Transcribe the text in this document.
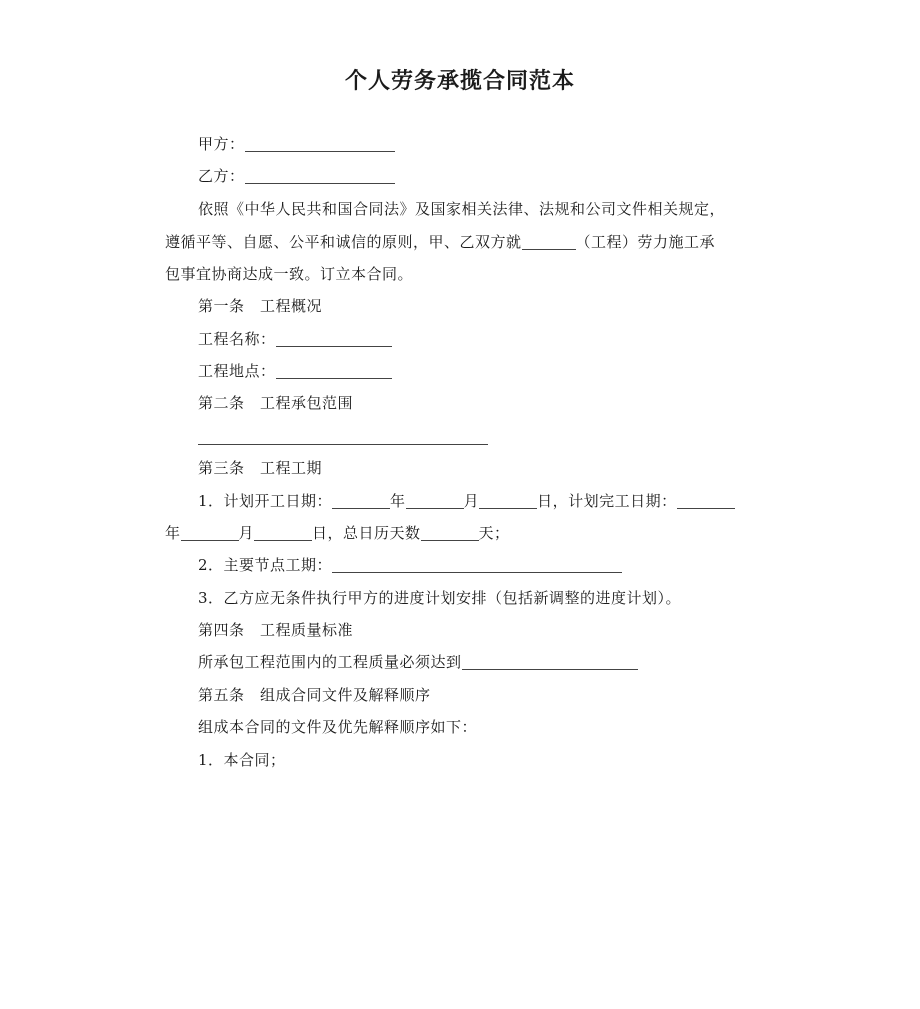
个人劳务承揽合同范本
甲方：
乙方：
依照《中华人民共和国合同法》及国家相关法律、法规和公司文件相关规定，
遵循平等、自愿、公平和诚信的原则，甲、乙双方就	（工程）劳力施工承
包事宜协商达成一致。订立本合同。
第一条　工程概况
工程名称：
工程地点：
第二条　工程承包范围
第三条　工程工期
1．计划开工日期：	年	月	日，计划完工日期：
年	月	日，总日历天数	天；
2．主要节点工期：
3．乙方应无条件执行甲方的进度计划安排（包括新调整的进度计划）。
第四条　工程质量标准
所承包工程范围内的工程质量必须达到
第五条　组成合同文件及解释顺序
组成本合同的文件及优先解释顺序如下：
1．本合同；
